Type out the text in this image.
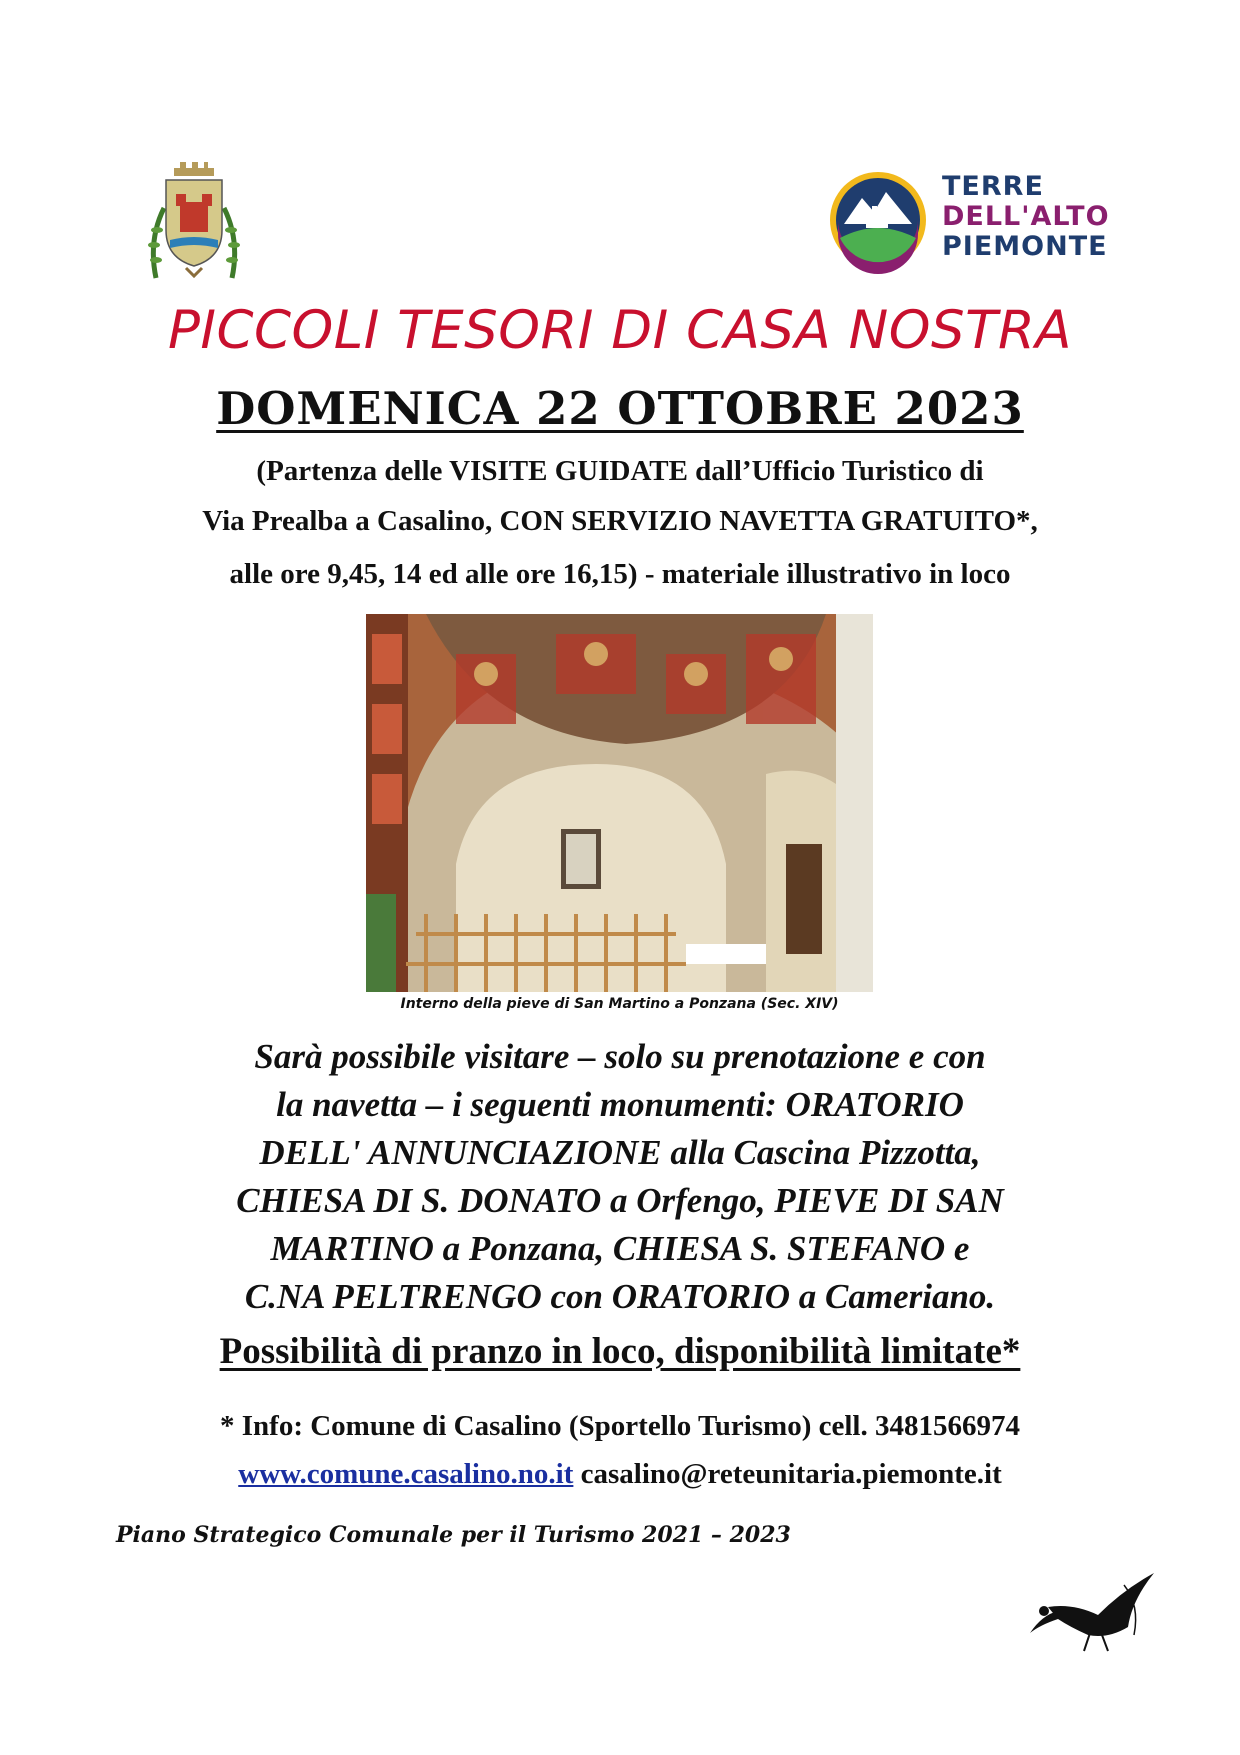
TERRE
DELL'ALTO
PIEMONTE
PICCOLI TESORI DI CASA NOSTRA
DOMENICA 22 OTTOBRE 2023
(Partenza delle VISITE GUIDATE dall’Ufficio Turistico di
Via Prealba a Casalino, CON SERVIZIO NAVETTA GRATUITO*,
alle ore 9,45, 14 ed alle ore 16,15) - materiale illustrativo in loco
Interno della pieve di San Martino a Ponzana (Sec. XIV)
Sarà possibile visitare – solo su prenotazione e con
la navetta – i seguenti monumenti: ORATORIO
DELL' ANNUNCIAZIONE alla Cascina Pizzotta,
CHIESA DI S. DONATO a Orfengo, PIEVE DI SAN
MARTINO a Ponzana, CHIESA S. STEFANO e
C.NA PELTRENGO con ORATORIO a Cameriano.
Possibilità di pranzo in loco, disponibilità limitate*
* Info: Comune di Casalino (Sportello Turismo) cell. 3481566974
www.comune.casalino.no.it casalino@reteunitaria.piemonte.it
Piano Strategico Comunale per il Turismo 2021 – 2023
